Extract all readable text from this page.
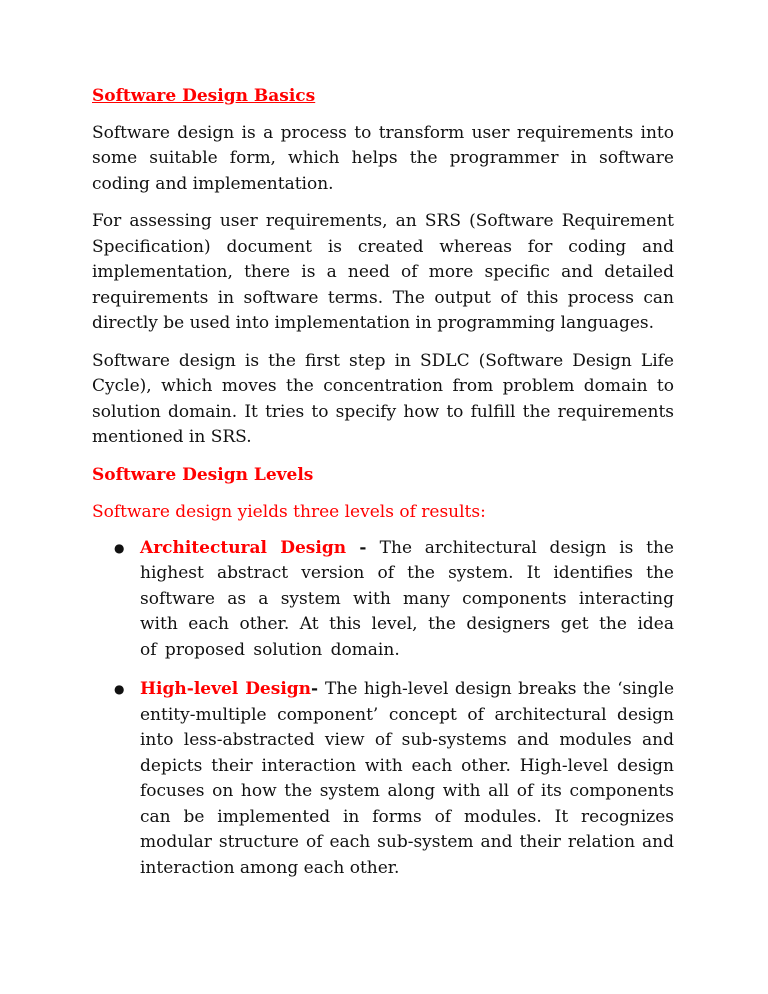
Software Design Basics

Software design is a process to transform user requirements into some suitable form, which helps the programmer in software coding and implementation.

For assessing user requirements, an SRS (Software Requirement Specification) document is created whereas for coding and implementation, there is a need of more specific and detailed requirements in software terms. The output of this process can directly be used into implementation in programming languages.

Software design is the first step in SDLC (Software Design Life Cycle), which moves the concentration from problem domain to solution domain. It tries to specify how to fulfill the requirements mentioned in SRS.

Software Design Levels

Software design yields three levels of results:

● Architectural Design - The architectural design is the highest abstract version of the system. It identifies the software as a system with many components interacting with each other. At this level, the designers get the idea of proposed solution domain.

● High-level Design- The high-level design breaks the ‘single entity-multiple component’ concept of architectural design into less-abstracted view of sub-systems and modules and depicts their interaction with each other. High-level design focuses on how the system along with all of its components can be implemented in forms of modules. It recognizes modular structure of each sub-system and their relation and interaction among each other.
